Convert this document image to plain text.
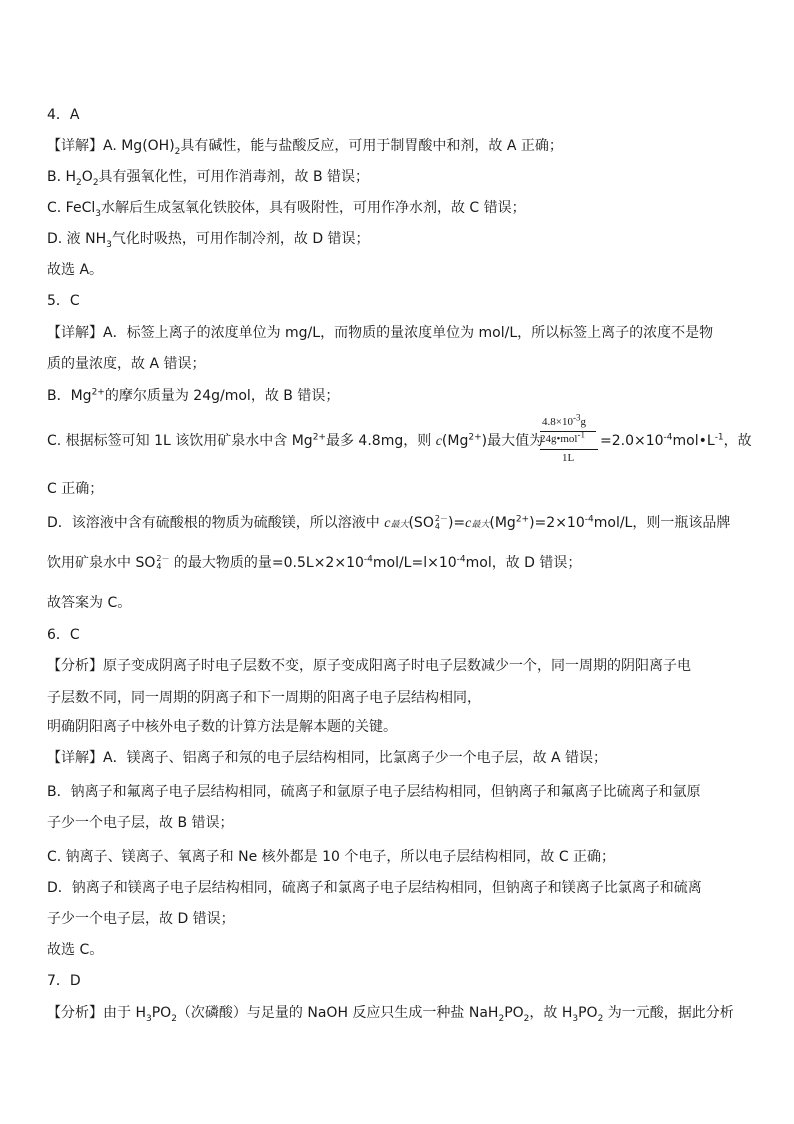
4．A
【详解】A. $Mg(OH)_2$具有碱性，能与盐酸反应，可用于制胃酸中和剂，故 A 正确；
B. $H_2O_2$具有强氧化性，可用作消毒剂，故 B 错误；
C. FeCl$_3$水解后生成氢氧化铁胶体，具有吸附性，可用作净水剂，故 C 错误；
D. 液 $NH_3$气化时吸热，可用作制冷剂，故 D 错误；
故选 A。
5．C
【详解】A．标签上离子的浓度单位为 mg/L，而物质的量浓度单位为 mol/L，所以标签上离子的浓度不是物
质的量浓度，故 A 错误；
B．$Mg^{2+}$的摩尔质量为 24g/mol，故 B 错误；
C. 根据标签可知 1L 该饮用矿泉水中含 $Mg^{2+}$最多 4.8mg，则 $c(Mg^{2+})$最大值为
$4.8\times 10^{-3}g$
24g•mol$^{-1}$
1L
$=2.0\times 10^{-4}mol•L^{-1}$，故
C 正确；
D．该溶液中含有硫酸根的物质为硫酸镁，所以溶液中 c最大(SO 2－
4 )=c最大$(Mg^{2+})=2\times 10^{-4}mol/L$，则一瓶该品牌
饮用矿泉水中 SO 2－
4 的最大物质的量$=0.5L\times 2\times 10^{-4}mol/L=l\times 10^{-4}mol$，故 D 错误；
故答案为 C。
6．C
【分析】原子变成阴离子时电子层数不变，原子变成阳离子时电子层数减少一个，同一周期的阴阳离子电
子层数不同，同一周期的阴离子和下一周期的阳离子电子层结构相同，
明确阴阳离子中核外电子数的计算方法是解本题的关键。
【详解】A．镁离子、铝离子和氖的电子层结构相同，比氯离子少一个电子层，故 A 错误；
B．钠离子和氟离子电子层结构相同，硫离子和氩原子电子层结构相同，但钠离子和氟离子比硫离子和氩原
子少一个电子层，故 B 错误；
C. 钠离子、镁离子、氧离子和 Ne 核外都是 10 个电子，所以电子层结构相同，故 C 正确；
D．钠离子和镁离子电子层结构相同，硫离子和氯离子电子层结构相同，但钠离子和镁离子比氯离子和硫离
子少一个电子层，故 D 错误；
故选 C。
7．D
【分析】由于 $H_3PO_2$（次磷酸）与足量的 NaOH 反应只生成一种盐 $NaH_2PO_2$，故 $H_3PO_2$ 为一元酸，据此分析
